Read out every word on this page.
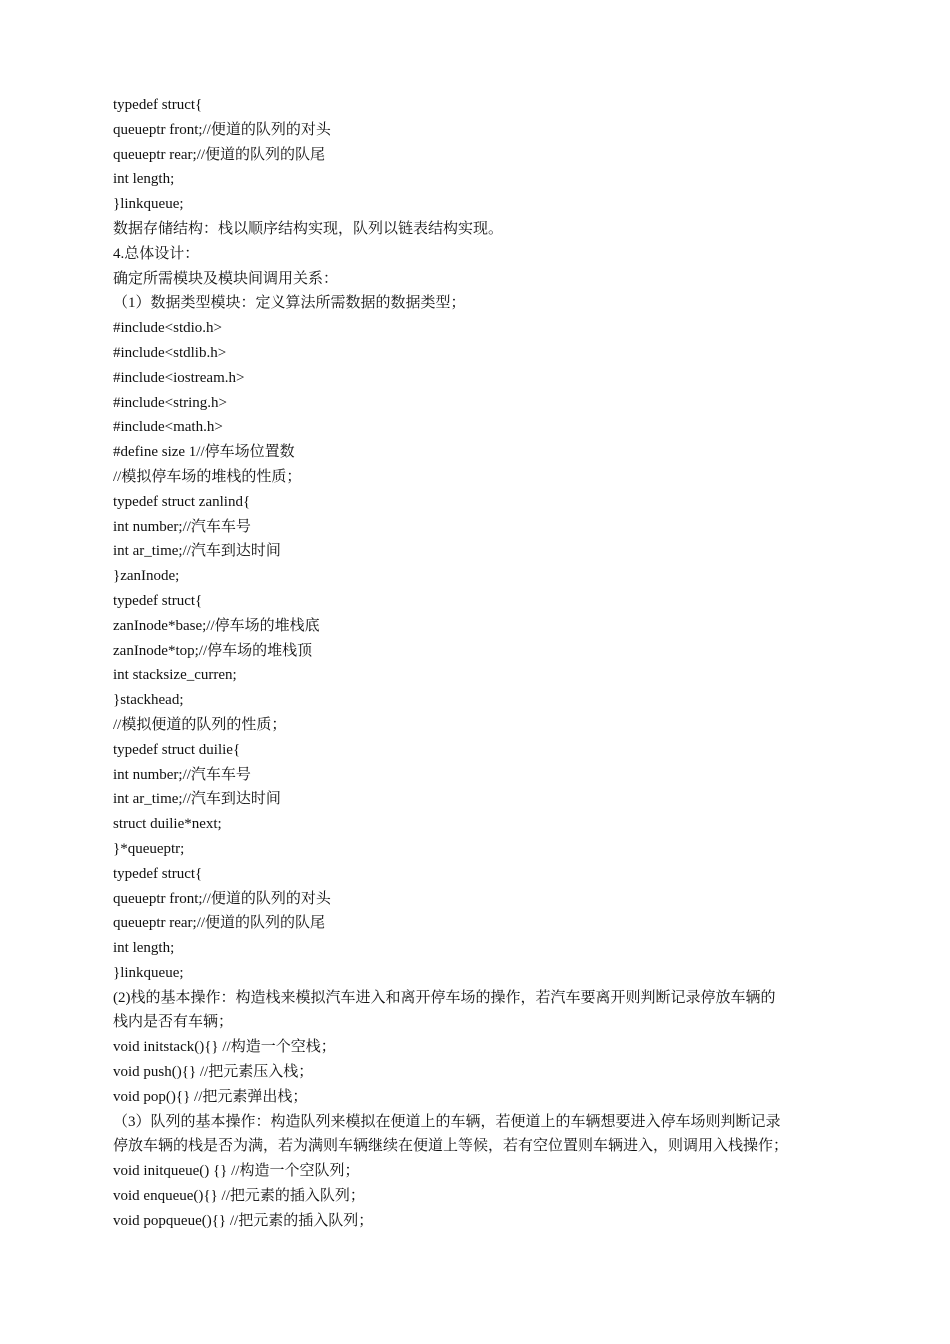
typedef struct{
queueptr front;//便道的队列的对头
queueptr rear;//便道的队列的队尾
int length;
}linkqueue;
数据存储结构：栈以顺序结构实现，队列以链表结构实现。
4.总体设计：
确定所需模块及模块间调用关系：
（1）数据类型模块：定义算法所需数据的数据类型；
#include<stdio.h>
#include<stdlib.h>
#include<iostream.h>
#include<string.h>
#include<math.h>
#define size 1//停车场位置数
//模拟停车场的堆栈的性质；
typedef struct zanlind{
int number;//汽车车号
int ar_time;//汽车到达时间
}zanInode;
typedef struct{
zanInode*base;//停车场的堆栈底
zanInode*top;//停车场的堆栈顶
int stacksize_curren;
}stackhead;
//模拟便道的队列的性质；
typedef struct duilie{
int number;//汽车车号
int ar_time;//汽车到达时间
struct duilie*next;
}*queueptr;
typedef struct{
queueptr front;//便道的队列的对头
queueptr rear;//便道的队列的队尾
int length;
}linkqueue;
(2)栈的基本操作：构造栈来模拟汽车进入和离开停车场的操作，若汽车要离开则判断记录停放车辆的
栈内是否有车辆；
void initstack(){} //构造一个空栈；
void push(){} //把元素压入栈；
void pop(){} //把元素弹出栈；
（3）队列的基本操作：构造队列来模拟在便道上的车辆，若便道上的车辆想要进入停车场则判断记录
停放车辆的栈是否为满，若为满则车辆继续在便道上等候，若有空位置则车辆进入，则调用入栈操作；
void initqueue() {} //构造一个空队列；
void enqueue(){} //把元素的插入队列；
void popqueue(){} //把元素的插入队列；
